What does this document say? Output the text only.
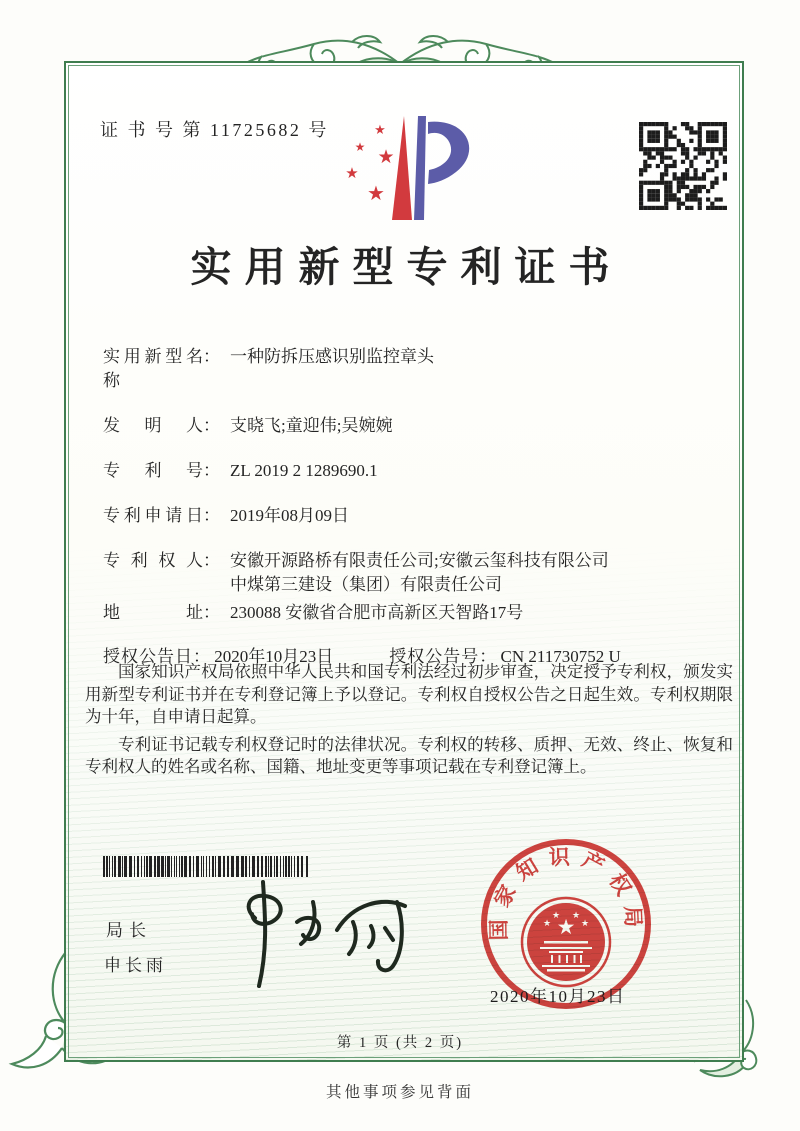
证 书 号 第 11725682 号	★
★ ★
★
★
实用新型专利证书
实用新型名称
： 一种防拆压感识别监控章头
发明人 ： 支晓飞;童迎伟;吴婉婉
专利号 ： ZL 2019 2 1289690.1
专利申请日 ： 2019年08月09日
专利权人 ： 安徽开源路桥有限责任公司;安徽云玺科技有限公司
中煤第三建设（集团）有限责任公司
地址 ： 230088 安徽省合肥市高新区天智路17号
授权公告日： 2020年10月23日	授权公告号： CN 211730752 U

国家知识产权局依照中华人民共和国专利法经过初步审查，决定授予专利权，颁发实用新型专利证书并在专利登记簿上予以登记。专利权自授权公告之日起生效。专利权期限为十年，自申请日起算。

专利证书记载专利权登记时的法律状况。专利权的转移、质押、无效、终止、恢复和专利权人的姓名或名称、国籍、地址变更等事项记载在专利登记簿上。

局长
申长雨
国家知识产权局
★
★
★ ★
★
2020年10月23日
第 1 页 (共 2 页)
其他事项参见背面
